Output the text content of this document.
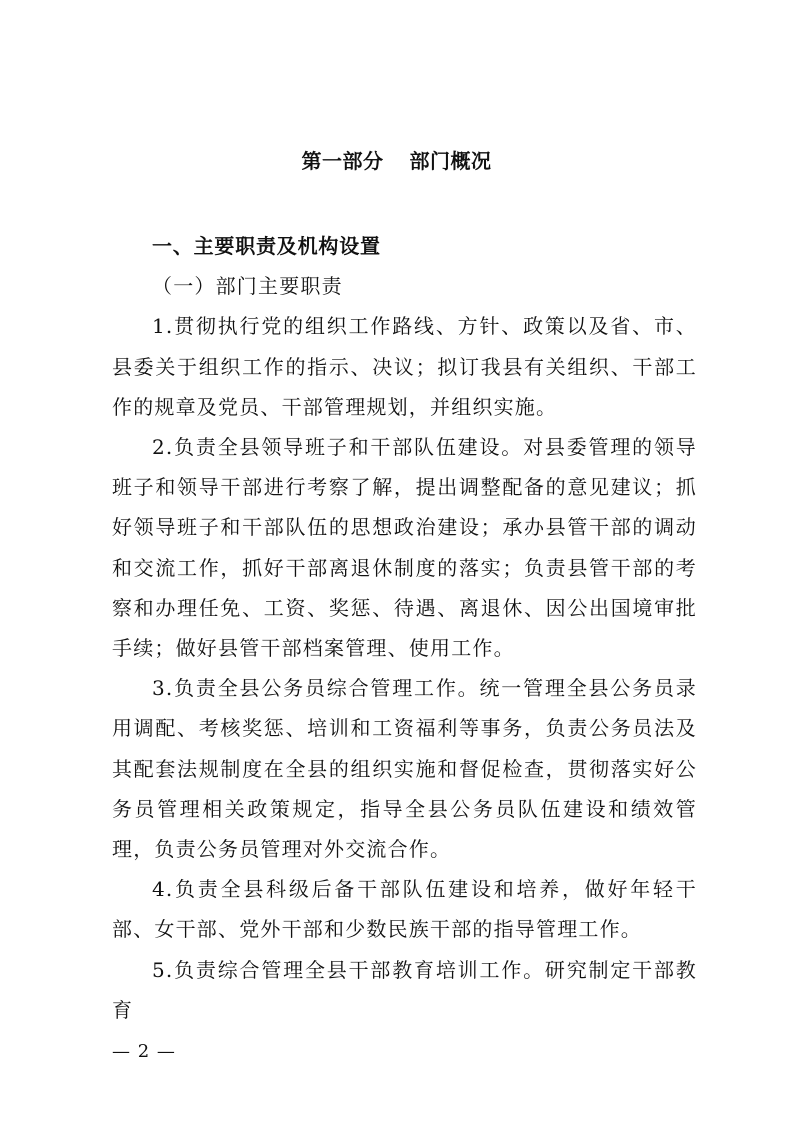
第一部分 部门概况

一、主要职责及机构设置

（一）部门主要职责

1.贯彻执行党的组织工作路线、方针、政策以及省、市、县委关于组织工作的指示、决议；拟订我县有关组织、干部工作的规章及党员、干部管理规划，并组织实施。

2.负责全县领导班子和干部队伍建设。对县委管理的领导班子和领导干部进行考察了解，提出调整配备的意见建议；抓好领导班子和干部队伍的思想政治建设；承办县管干部的调动和交流工作，抓好干部离退休制度的落实；负责县管干部的考察和办理任免、工资、奖惩、待遇、离退休、因公出国境审批手续；做好县管干部档案管理、使用工作。

3.负责全县公务员综合管理工作。统一管理全县公务员录用调配、考核奖惩、培训和工资福利等事务，负责公务员法及其配套法规制度在全县的组织实施和督促检查，贯彻落实好公务员管理相关政策规定，指导全县公务员队伍建设和绩效管理，负责公务员管理对外交流合作。

4.负责全县科级后备干部队伍建设和培养，做好年轻干部、女干部、党外干部和少数民族干部的指导管理工作。

5.负责综合管理全县干部教育培训工作。研究制定干部教育

— 2 —
